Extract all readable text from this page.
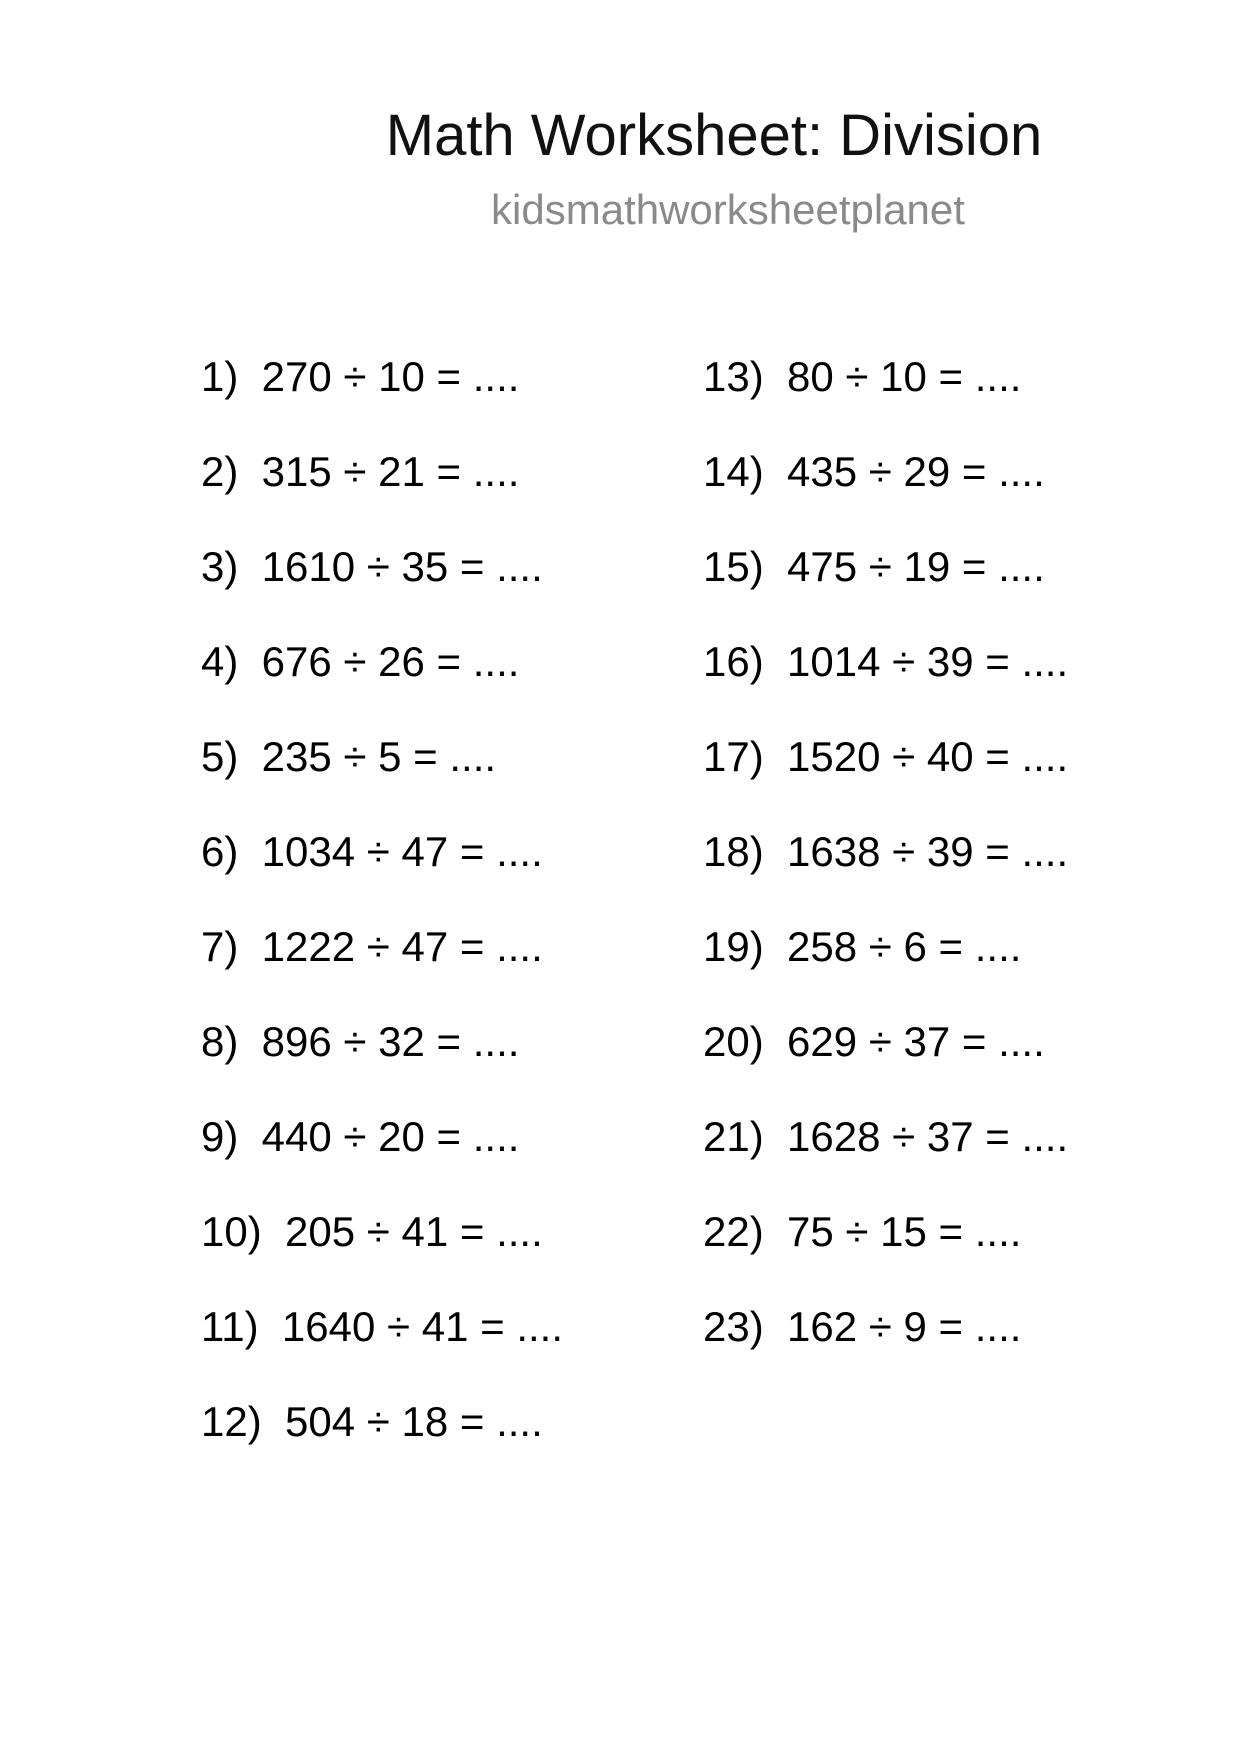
Math Worksheet: Division
kidsmathworksheetplanet
1)  270 ÷ 10 = ....
2)  315 ÷ 21 = ....
3)  1610 ÷ 35 = ....
4)  676 ÷ 26 = ....
5)  235 ÷ 5 = ....
6)  1034 ÷ 47 = ....
7)  1222 ÷ 47 = ....
8)  896 ÷ 32 = ....
9)  440 ÷ 20 = ....
10)  205 ÷ 41 = ....
11)  1640 ÷ 41 = ....
12)  504 ÷ 18 = ....
13)  80 ÷ 10 = ....
14)  435 ÷ 29 = ....
15)  475 ÷ 19 = ....
16)  1014 ÷ 39 = ....
17)  1520 ÷ 40 = ....
18)  1638 ÷ 39 = ....
19)  258 ÷ 6 = ....
20)  629 ÷ 37 = ....
21)  1628 ÷ 37 = ....
22)  75 ÷ 15 = ....
23)  162 ÷ 9 = ....
